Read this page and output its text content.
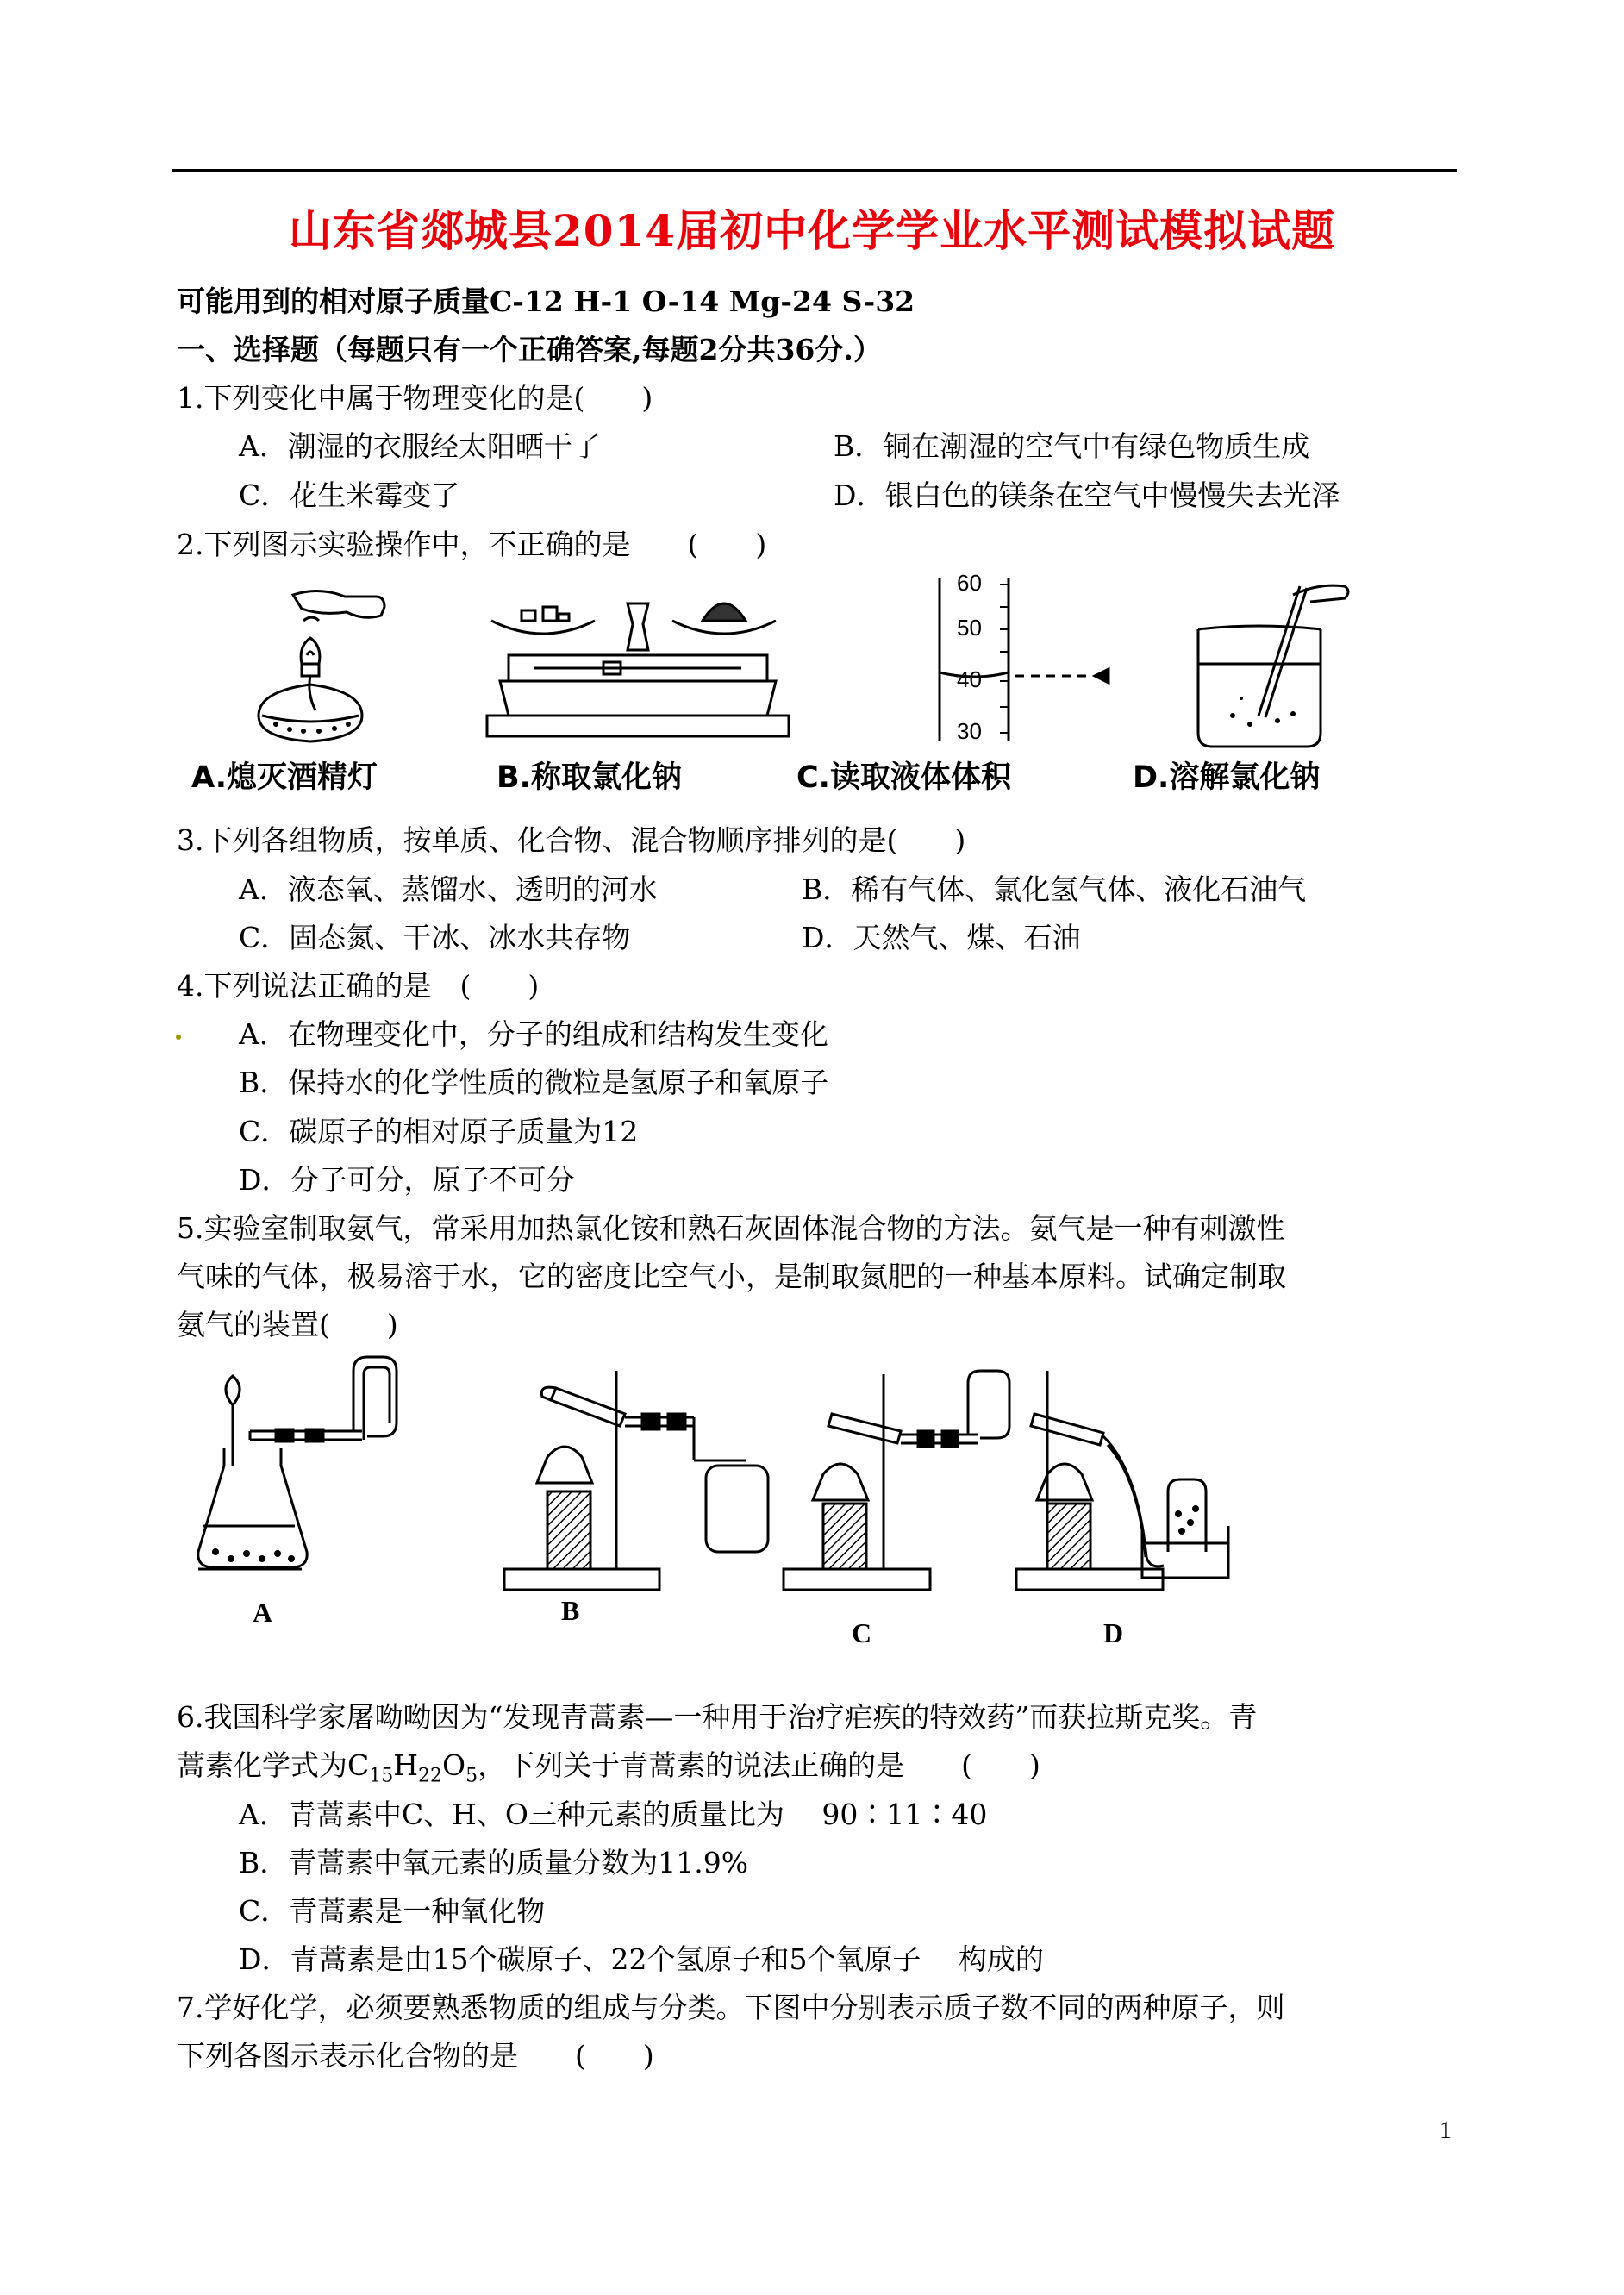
山东省郯城县2014届初中化学学业水平测试模拟试题
可能用到的相对原子质量C-12 H-1 O-14 Mg-24 S-32
一、选择题（每题只有一个正确答案,每题2分共36分.）
1.下列变化中属于物理变化的是(　　)
A．潮湿的衣服经太阳晒干了	B．铜在潮湿的空气中有绿色物质生成
C．花生米霉变了	D．银白色的镁条在空气中慢慢失去光泽
2.下列图示实验操作中，不正确的是　　(　　)
60
50
40
30
A.熄灭酒精灯	B.称取氯化钠	C.读取液体体积	D.溶解氯化钠
3.下列各组物质，按单质、化合物、混合物顺序排列的是(　　)
A．液态氧、蒸馏水、透明的河水	B．稀有气体、氯化氢气体、液化石油气
C．固态氮、干冰、冰水共存物	D．天然气、煤、石油
4.下列说法正确的是　(　　)
A．在物理变化中，分子的组成和结构发生变化
B．保持水的化学性质的微粒是氢原子和氧原子
C．碳原子的相对原子质量为12
D．分子可分，原子不可分
5.实验室制取氨气，常采用加热氯化铵和熟石灰固体混合物的方法。氨气是一种有刺激性
气味的气体，极易溶于水，它的密度比空气小，是制取氮肥的一种基本原料。试确定制取
氨气的装置(　　)
A	B
C	D
6.我国科学家屠呦呦因为“发现青蒿素—一种用于治疗疟疾的特效药”而获拉斯克奖。青
蒿素化学式为$C_{15}H_{22}O_5$，下列关于青蒿素的说法正确的是　　(　　)
A．青蒿素中C、H、O三种元素的质量比为　 90∶11∶40
B．青蒿素中氧元素的质量分数为11.9%
C．青蒿素是一种氧化物
D．青蒿素是由15个碳原子、22个氢原子和5个氧原子　 构成的
7.学好化学，必须要熟悉物质的组成与分类。下图中分别表示质子数不同的两种原子，则
下列各图示表示化合物的是　　(　　)
1
